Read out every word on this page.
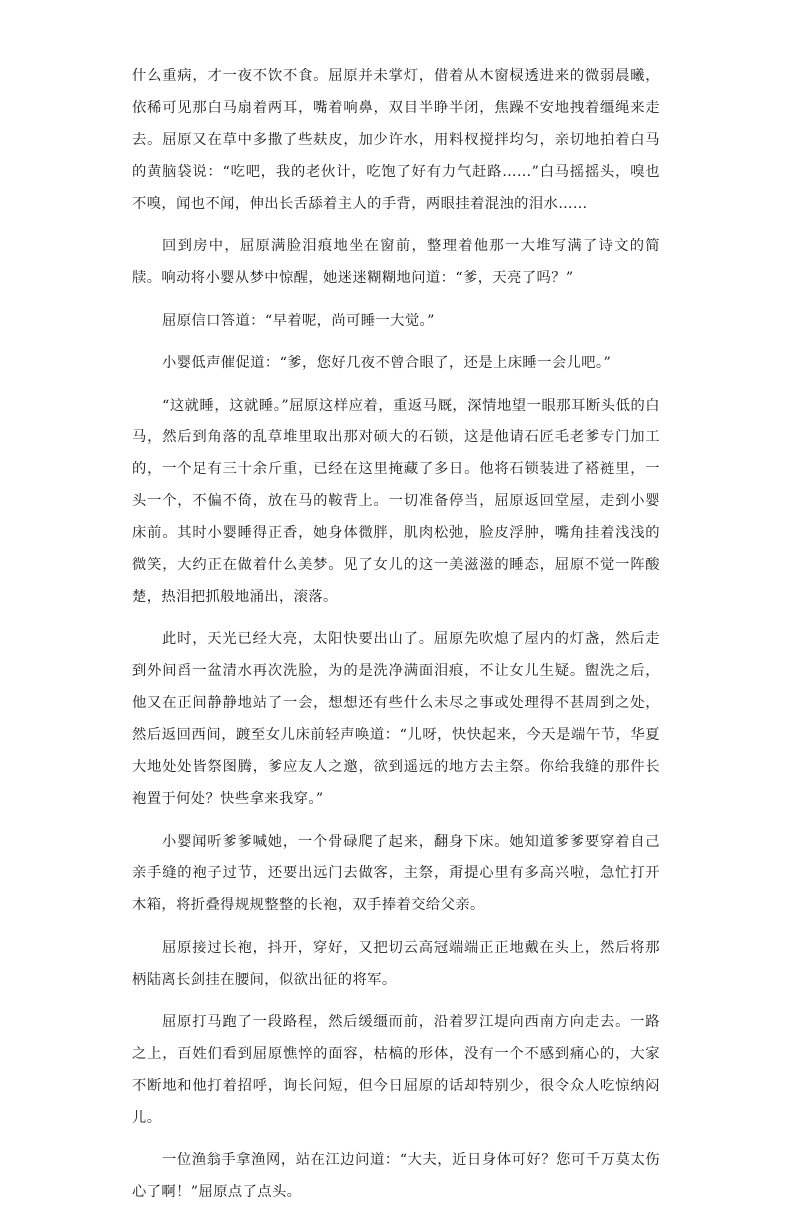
什么重病，才一夜不饮不食。屈原并未掌灯，借着从木窗棂透进来的微弱晨曦，依稀可见那白马扇着两耳，嘴着响鼻，双目半睁半闭，焦躁不安地拽着缰绳来走去。屈原又在草中多撒了些麸皮，加少许水，用料杈搅拌均匀，亲切地拍着白马的黄脑袋说：“吃吧，我的老伙计，吃饱了好有力气赶路……”白马摇摇头，嗅也不嗅，闻也不闻，伸出长舌舔着主人的手背，两眼挂着混浊的泪水……

回到房中，屈原满脸泪痕地坐在窗前，整理着他那一大堆写满了诗文的简牍。响动将小婴从梦中惊醒，她迷迷糊糊地问道：“爹，天亮了吗？”

屈原信口答道：“早着呢，尚可睡一大觉。”

小婴低声催促道：“爹，您好几夜不曾合眼了，还是上床睡一会儿吧。”

“这就睡，这就睡。”屈原这样应着，重返马厩，深情地望一眼那耳断头低的白马，然后到角落的乱草堆里取出那对硕大的石锁，这是他请石匠毛老爹专门加工的，一个足有三十余斤重，已经在这里掩藏了多日。他将石锁装进了褡裢里，一头一个，不偏不倚，放在马的鞍背上。一切准备停当，屈原返回堂屋，走到小婴床前。其时小婴睡得正香，她身体微胖，肌肉松弛，脸皮浮肿，嘴角挂着浅浅的微笑，大约正在做着什么美梦。见了女儿的这一美滋滋的睡态，屈原不觉一阵酸楚，热泪把抓般地涌出，滚落。

此时，天光已经大亮，太阳快要出山了。屈原先吹熄了屋内的灯盏，然后走到外间舀一盆清水再次洗脸，为的是洗净满面泪痕，不让女儿生疑。盥洗之后，他又在正间静静地站了一会，想想还有些什么未尽之事或处理得不甚周到之处，然后返回西间，踱至女儿床前轻声唤道：“儿呀，快快起来，今天是端午节，华夏大地处处皆祭图腾，爹应友人之邀，欲到遥远的地方去主祭。你给我缝的那件长袍置于何处？快些拿来我穿。”

小婴闻听爹爹喊她，一个骨碌爬了起来，翻身下床。她知道爹爹要穿着自己亲手缝的袍子过节，还要出远门去做客，主祭，甭提心里有多高兴啦，急忙打开木箱，将折叠得规规整整的长袍，双手捧着交给父亲。

屈原接过长袍，抖开，穿好，又把切云高冠端端正正地戴在头上，然后将那柄陆离长剑挂在腰间，似欲出征的将军。

屈原打马跑了一段路程，然后缓缰而前，沿着罗江堤向西南方向走去。一路之上，百姓们看到屈原憔悴的面容，枯槁的形体，没有一个不感到痛心的，大家不断地和他打着招呼，询长问短，但今日屈原的话却特别少，很令众人吃惊纳闷儿。

一位渔翁手拿渔网，站在江边问道：“大夫，近日身体可好？您可千万莫太伤心了啊！”屈原点了点头。
